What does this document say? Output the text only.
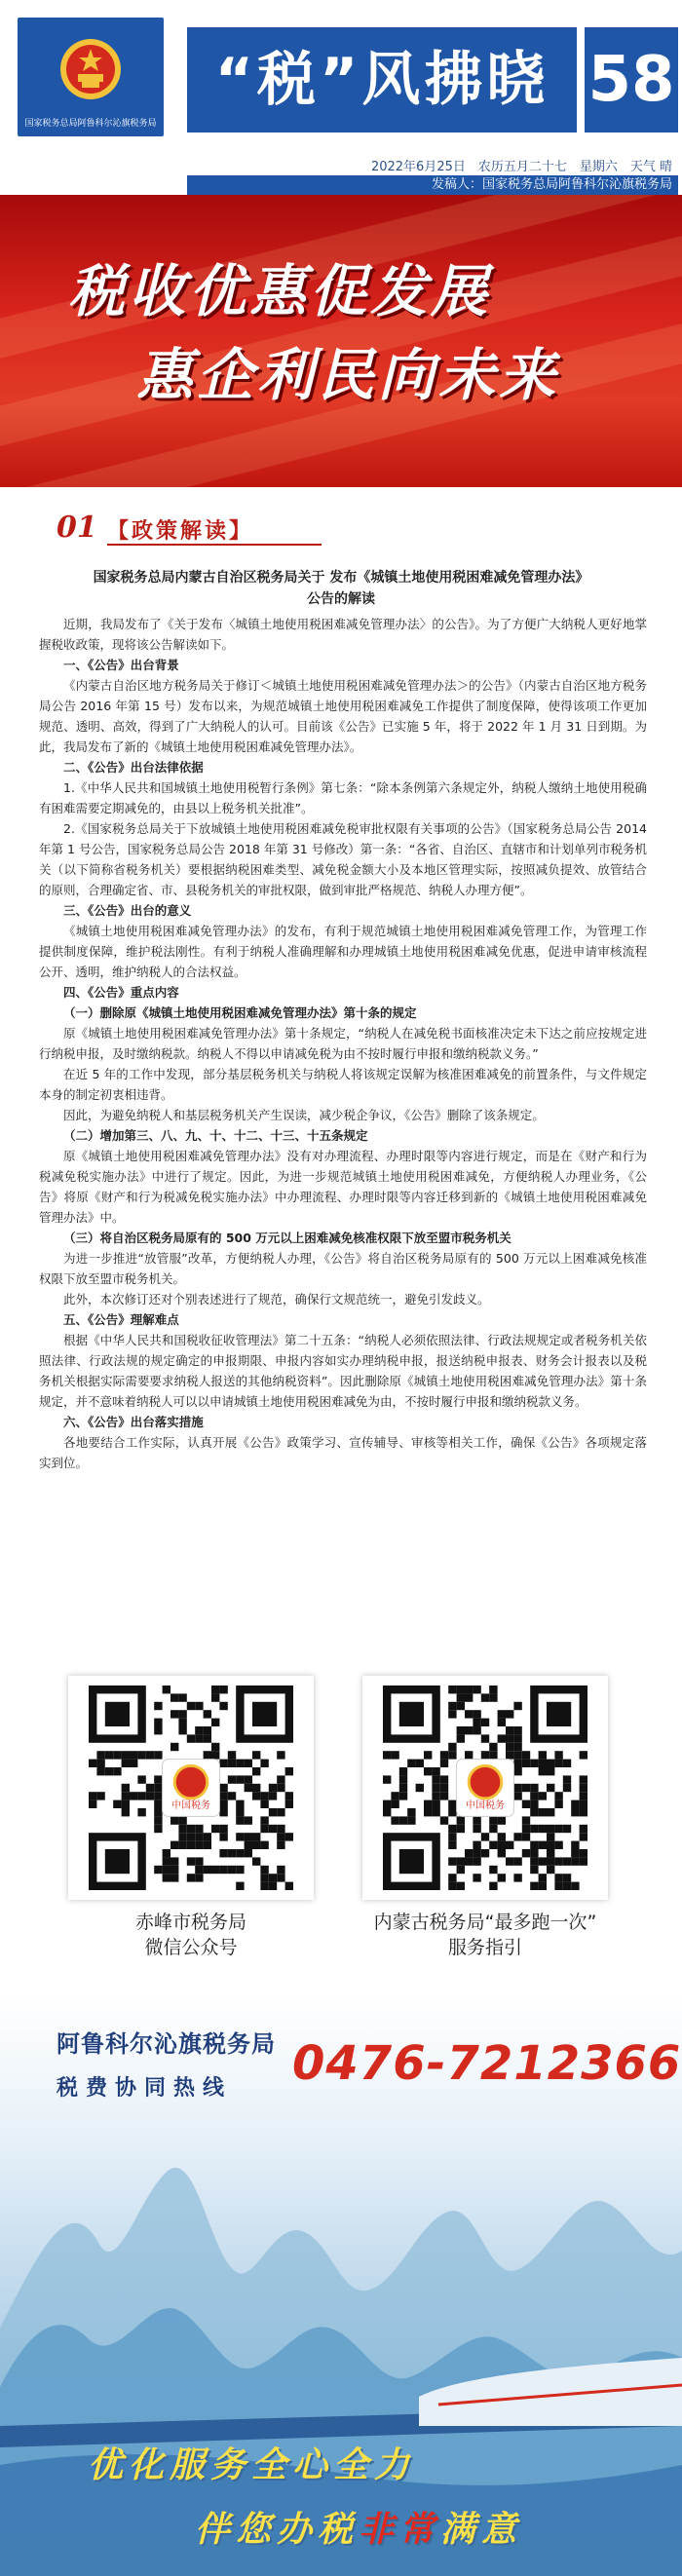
国家税务总局阿鲁科尔沁旗税务局
“税”风拂晓 58
2022年6月25日　农历五月二十七　星期六　天气 晴
发稿人：国家税务总局阿鲁科尔沁旗税务局
税收优惠促发展
惠企利民向未来
01 【政策解读】
国家税务总局内蒙古自治区税务局关于 发布《城镇土地使用税困难减免管理办法》
公告的解读

近期，我局发布了《关于发布〈城镇土地使用税困难减免管理办法〉的公告》。为了方便广大纳税人更好地掌握税收政策，现将该公告解读如下。

一、《公告》出台背景

《内蒙古自治区地方税务局关于修订＜城镇土地使用税困难减免管理办法＞的公告》（内蒙古自治区地方税务局公告 2016 年第 15 号）发布以来，为规范城镇土地使用税困难减免工作提供了制度保障，使得该项工作更加规范、透明、高效，得到了广大纳税人的认可。目前该《公告》已实施 5 年，将于 2022 年 1 月 31 日到期。为此，我局发布了新的《城镇土地使用税困难减免管理办法》。

二、《公告》出台法律依据

1.《中华人民共和国城镇土地使用税暂行条例》第七条：“除本条例第六条规定外，纳税人缴纳土地使用税确有困难需要定期减免的，由县以上税务机关批准”。

2.《国家税务总局关于下放城镇土地使用税困难减免税审批权限有关事项的公告》（国家税务总局公告 2014 年第 1 号公告，国家税务总局公告 2018 年第 31 号修改）第一条：“各省、自治区、直辖市和计划单列市税务机关（以下简称省税务机关）要根据纳税困难类型、减免税金额大小及本地区管理实际，按照减负提效、放管结合的原则，合理确定省、市、县税务机关的审批权限，做到审批严格规范、纳税人办理方便”。

三、《公告》出台的意义

《城镇土地使用税困难减免管理办法》的发布，有利于规范城镇土地使用税困难减免管理工作，为管理工作提供制度保障，维护税法刚性。有利于纳税人准确理解和办理城镇土地使用税困难减免优惠，促进申请审核流程公开、透明，维护纳税人的合法权益。

四、《公告》重点内容

（一）删除原《城镇土地使用税困难减免管理办法》第十条的规定

原《城镇土地使用税困难减免管理办法》第十条规定，“纳税人在减免税书面核准决定未下达之前应按规定进行纳税申报，及时缴纳税款。纳税人不得以申请减免税为由不按时履行申报和缴纳税款义务。”

在近 5 年的工作中发现，部分基层税务机关与纳税人将该规定误解为核准困难减免的前置条件，与文件规定本身的制定初衷相违背。

因此，为避免纳税人和基层税务机关产生误读，减少税企争议，《公告》删除了该条规定。

（二）增加第三、八、九、十、十二、十三、十五条规定

原《城镇土地使用税困难减免管理办法》没有对办理流程、办理时限等内容进行规定，而是在《财产和行为税减免税实施办法》中进行了规定。因此，为进一步规范城镇土地使用税困难减免，方便纳税人办理业务，《公告》将原《财产和行为税减免税实施办法》中办理流程、办理时限等内容迁移到新的《城镇土地使用税困难减免管理办法》中。

（三）将自治区税务局原有的 500 万元以上困难减免核准权限下放至盟市税务机关

为进一步推进“放管服”改革，方便纳税人办理，《公告》将自治区税务局原有的 500 万元以上困难减免核准权限下放至盟市税务机关。

此外，本次修订还对个别表述进行了规范，确保行文规范统一，避免引发歧义。

五、《公告》理解难点

根据《中华人民共和国税收征收管理法》第二十五条：“纳税人必须依照法律、行政法规规定或者税务机关依照法律、行政法规的规定确定的申报期限、申报内容如实办理纳税申报，报送纳税申报表、财务会计报表以及税务机关根据实际需要要求纳税人报送的其他纳税资料”。因此删除原《城镇土地使用税困难减免管理办法》第十条规定，并不意味着纳税人可以以申请城镇土地使用税困难减免为由，不按时履行申报和缴纳税款义务。

六、《公告》出台落实措施

各地要结合工作实际，认真开展《公告》政策学习、宣传辅导、审核等相关工作，确保《公告》各项规定落实到位。

中国税务	中国税务
赤峰市税务局
微信公众号
内蒙古税务局“最多跑一次”
服务指引
阿鲁科尔沁旗税务局
税费协同热线 0476-7212366
优化服务全心全力
伴您办税非常满意
